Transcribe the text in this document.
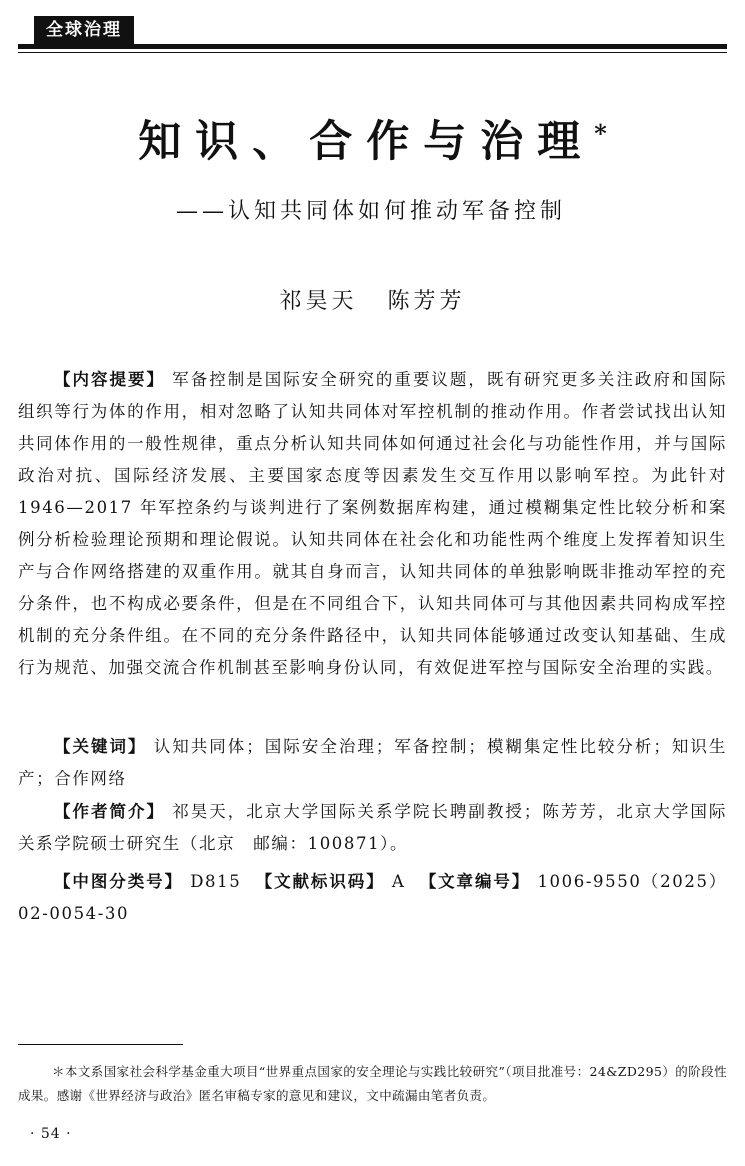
全球治理
知识、合作与治理*
——认知共同体如何推动军备控制
祁昊天 陈芳芳
【内容提要】 军备控制是国际安全研究的重要议题，既有研究更多关注政府和国际组织等行为体的作用，相对忽略了认知共同体对军控机制的推动作用。作者尝试找出认知共同体作用的一般性规律，重点分析认知共同体如何通过社会化与功能性作用，并与国际政治对抗、国际经济发展、主要国家态度等因素发生交互作用以影响军控。为此针对 1946—2017 年军控条约与谈判进行了案例数据库构建，通过模糊集定性比较分析和案例分析检验理论预期和理论假说。认知共同体在社会化和功能性两个维度上发挥着知识生产与合作网络搭建的双重作用。就其自身而言，认知共同体的单独影响既非推动军控的充分条件，也不构成必要条件，但是在不同组合下，认知共同体可与其他因素共同构成军控机制的充分条件组。在不同的充分条件路径中，认知共同体能够通过改变认知基础、生成行为规范、加强交流合作机制甚至影响身份认同，有效促进军控与国际安全治理的实践。
【关键词】 认知共同体；国际安全治理；军备控制；模糊集定性比较分析；知识生产；合作网络
【作者简介】 祁昊天，北京大学国际关系学院长聘副教授；陈芳芳，北京大学国际关系学院硕士研究生（北京　邮编：100871）。
【中图分类号】 D815 【文献标识码】 A 【文章编号】 1006-9550（2025）02-0054-30
＊本文系国家社会科学基金重大项目“世界重点国家的安全理论与实践比较研究”（项目批准号：24&ZD295）的阶段性成果。感谢《世界经济与政治》匿名审稿专家的意见和建议，文中疏漏由笔者负责。
· 54 ·
